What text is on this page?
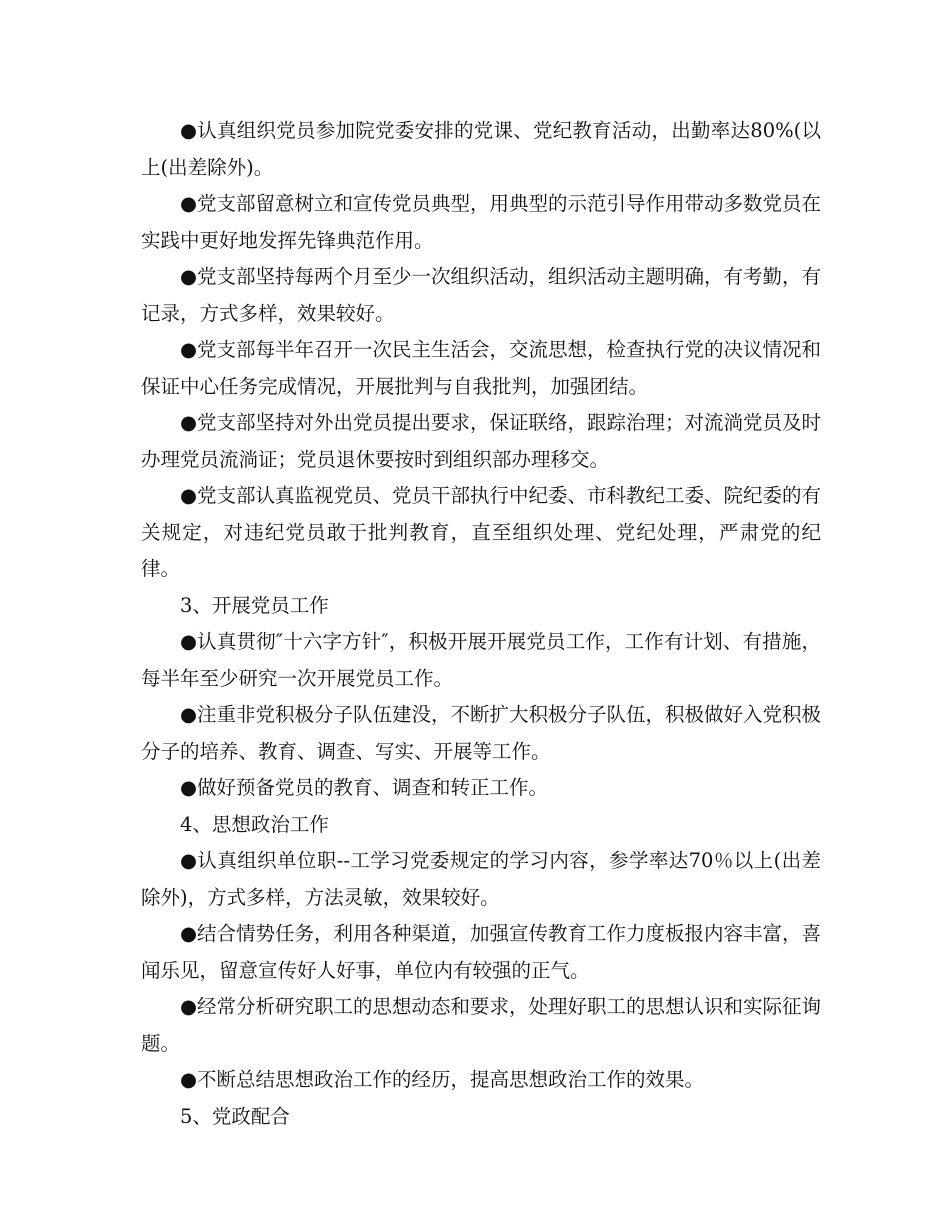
●认真组织党员参加院党委安排的党课、党纪教育活动，出勤率达80%(以上(出差除外)。

●党支部留意树立和宣传党员典型，用典型的示范引导作用带动多数党员在实践中更好地发挥先锋典范作用。

●党支部坚持每两个月至少一次组织活动，组织活动主题明确，有考勤，有记录，方式多样，效果较好。

●党支部每半年召开一次民主生活会，交流思想，检查执行党的决议情况和保证中心任务完成情况，开展批判与自我批判，加强团结。

●党支部坚持对外出党员提出要求，保证联络，跟踪治理；对流淌党员及时办理党员流淌证；党员退休要按时到组织部办理移交。

●党支部认真监视党员、党员干部执行中纪委、市科教纪工委、院纪委的有关规定，对违纪党员敢于批判教育，直至组织处理、党纪处理，严肃党的纪律。

3、开展党员工作

●认真贯彻″十六字方针″，积极开展开展党员工作，工作有计划、有措施，每半年至少研究一次开展党员工作。

●注重非党积极分子队伍建没，不断扩大积极分子队伍，积极做好入党积极分子的培养、教育、调查、写实、开展等工作。

●做好预备党员的教育、调查和转正工作。

4、思想政治工作

●认真组织单位职--工学习党委规定的学习内容，参学率达70％以上(出差除外)，方式多样，方法灵敏，效果较好。

●结合情势任务，利用各种渠道，加强宣传教育工作力度板报内容丰富，喜闻乐见，留意宣传好人好事，单位内有较强的正气。

●经常分析研究职工的思想动态和要求，处理好职工的思想认识和实际征询题。

●不断总结思想政治工作的经历，提高思想政治工作的效果。

5、党政配合
